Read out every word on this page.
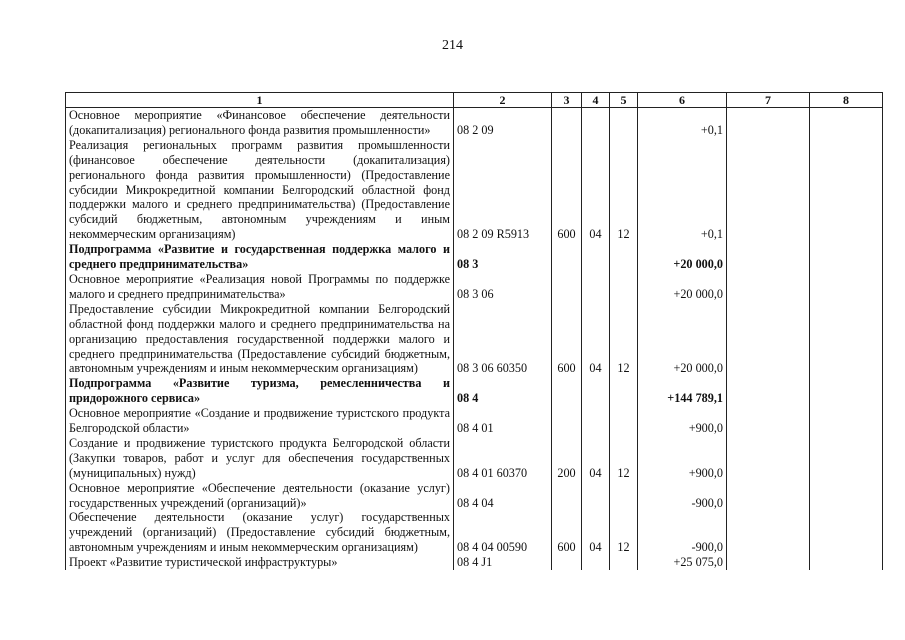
214
1	2	3	4	5	6	7	8
Основное мероприятие «Финансовое обеспечение деятельности (докапитализация) регионального фонда развития промышленности»	08 2 09				+0,1		
Реализация региональных программ развития промышленности (финансовое обеспечение деятельности (докапитализация) регионального фонда развития промышленности) (Предоставление субсидии Микрокредитной компании Белгородский областной фонд поддержки малого и среднего предпринимательства) (Предоставление субсидий бюджетным, автономным учреждениям и иным некоммерческим организациям)	08 2 09 R5913	600	04	12	+0,1		
Подпрограмма «Развитие и государственная поддержка малого и среднего предпринимательства»	08 3				+20 000,0		
Основное мероприятие «Реализация новой Программы по поддержке малого и среднего предпринимательства»	08 3 06				+20 000,0		
Предоставление субсидии Микрокредитной компании Белгородский областной фонд поддержки малого и среднего предпринимательства на организацию предоставления государственной поддержки малого и среднего предпринимательства (Предоставление субсидий бюджетным, автономным учреждениям и иным некоммерческим организациям)	08 3 06 60350	600	04	12	+20 000,0		
Подпрограмма «Развитие туризма, ремесленничества и придорожного сервиса»	08 4				+144 789,1		
Основное мероприятие «Создание и продвижение туристского продукта Белгородской области»	08 4 01				+900,0		
Создание и продвижение туристского продукта Белгородской области (Закупки товаров, работ и услуг для обеспечения государственных (муниципальных) нужд)	08 4 01 60370	200	04	12	+900,0		
Основное мероприятие «Обеспечение деятельности (оказание услуг) государственных учреждений (организаций)»	08 4 04				-900,0		
Обеспечение деятельности (оказание услуг) государственных учреждений (организаций) (Предоставление субсидий бюджетным, автономным учреждениям и иным некоммерческим организациям)	08 4 04 00590	600	04	12	-900,0		
Проект «Развитие туристической инфраструктуры»	08 4 J1				+25 075,0		
